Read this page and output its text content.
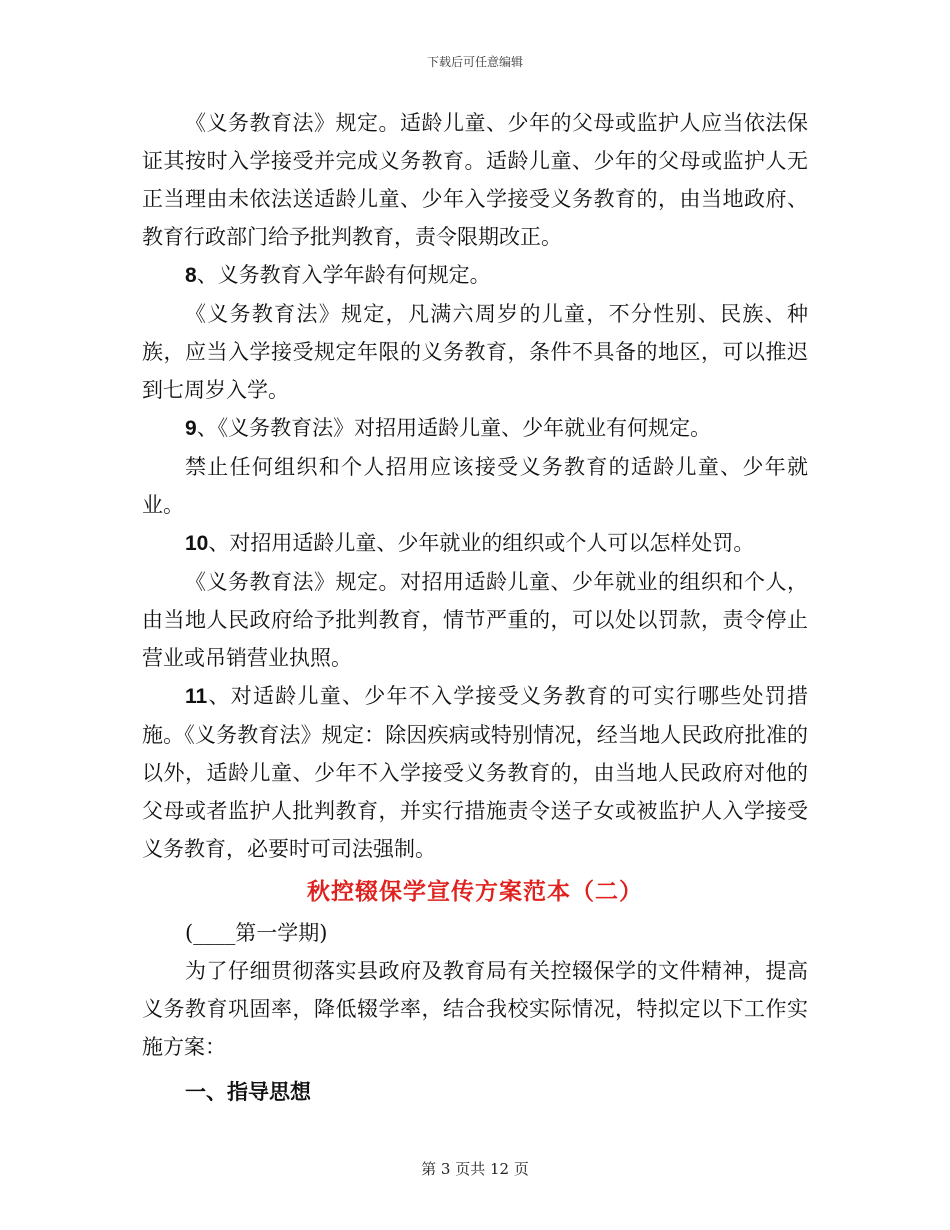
下载后可任意编辑

《义务教育法》规定。适龄儿童、少年的父母或监护人应当依法保证其按时入学接受并完成义务教育。适龄儿童、少年的父母或监护人无正当理由未依法送适龄儿童、少年入学接受义务教育的，由当地政府、教育行政部门给予批判教育，责令限期改正。

8、义务教育入学年龄有何规定。

《义务教育法》规定，凡满六周岁的儿童，不分性别、民族、种族，应当入学接受规定年限的义务教育，条件不具备的地区，可以推迟到七周岁入学。

9、《义务教育法》对招用适龄儿童、少年就业有何规定。

禁止任何组织和个人招用应该接受义务教育的适龄儿童、少年就业。

10、对招用适龄儿童、少年就业的组织或个人可以怎样处罚。

《义务教育法》规定。对招用适龄儿童、少年就业的组织和个人，由当地人民政府给予批判教育，情节严重的，可以处以罚款，责令停止营业或吊销营业执照。

11、对适龄儿童、少年不入学接受义务教育的可实行哪些处罚措施。《义务教育法》规定：除因疾病或特别情况，经当地人民政府批准的以外，适龄儿童、少年不入学接受义务教育的，由当地人民政府对他的父母或者监护人批判教育，并实行措施责令送子女或被监护人入学接受义务教育，必要时可司法强制。

秋控辍保学宣传方案范本（二）

(____第一学期)

为了仔细贯彻落实县政府及教育局有关控辍保学的文件精神，提高义务教育巩固率，降低辍学率，结合我校实际情况，特拟定以下工作实施方案：

一、指导思想
第 3 页共 12 页
